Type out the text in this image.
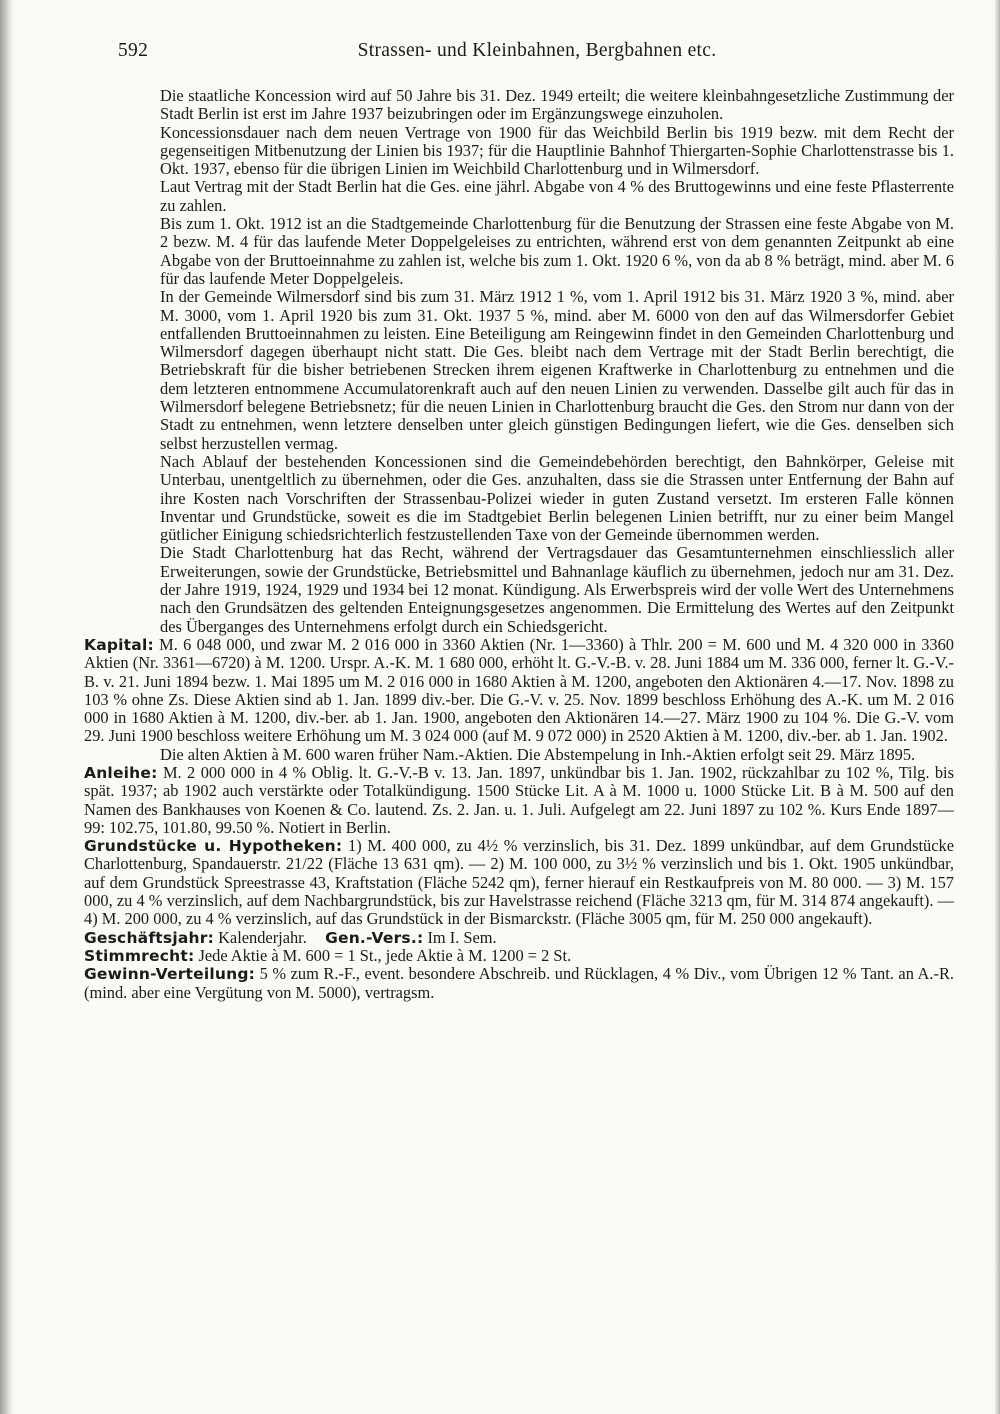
592	Strassen- und Kleinbahnen, Bergbahnen etc.

Die staatliche Koncession wird auf 50 Jahre bis 31. Dez. 1949 erteilt; die weitere kleinbahngesetzliche Zustimmung der Stadt Berlin ist erst im Jahre 1937 beizubringen oder im Ergänzungswege einzuholen.

Koncessionsdauer nach dem neuen Vertrage von 1900 für das Weichbild Berlin bis 1919 bezw. mit dem Recht der gegenseitigen Mitbenutzung der Linien bis 1937; für die Hauptlinie Bahnhof Thiergarten-Sophie Charlottenstrasse bis 1. Okt. 1937, ebenso für die übrigen Linien im Weichbild Charlottenburg und in Wilmersdorf.

Laut Vertrag mit der Stadt Berlin hat die Ges. eine jährl. Abgabe von 4 % des Bruttogewinns und eine feste Pflasterrente zu zahlen.

Bis zum 1. Okt. 1912 ist an die Stadtgemeinde Charlottenburg für die Benutzung der Strassen eine feste Abgabe von M. 2 bezw. M. 4 für das laufende Meter Doppelgeleises zu entrichten, während erst von dem genannten Zeitpunkt ab eine Abgabe von der Bruttoeinnahme zu zahlen ist, welche bis zum 1. Okt. 1920 6 %, von da ab 8 % beträgt, mind. aber M. 6 für das laufende Meter Doppelgeleis.

In der Gemeinde Wilmersdorf sind bis zum 31. März 1912 1 %, vom 1. April 1912 bis 31. März 1920 3 %, mind. aber M. 3000, vom 1. April 1920 bis zum 31. Okt. 1937 5 %, mind. aber M. 6000 von den auf das Wilmersdorfer Gebiet entfallenden Bruttoeinnahmen zu leisten. Eine Beteiligung am Reingewinn findet in den Gemeinden Charlottenburg und Wilmersdorf dagegen überhaupt nicht statt. Die Ges. bleibt nach dem Vertrage mit der Stadt Berlin berechtigt, die Betriebskraft für die bisher betriebenen Strecken ihrem eigenen Kraftwerke in Charlottenburg zu entnehmen und die dem letzteren entnommene Accumulatorenkraft auch auf den neuen Linien zu verwenden. Dasselbe gilt auch für das in Wilmersdorf belegene Betriebsnetz; für die neuen Linien in Charlottenburg braucht die Ges. den Strom nur dann von der Stadt zu entnehmen, wenn letztere denselben unter gleich günstigen Bedingungen liefert, wie die Ges. denselben sich selbst herzustellen vermag.

Nach Ablauf der bestehenden Koncessionen sind die Gemeindebehörden berechtigt, den Bahnkörper, Geleise mit Unterbau, unentgeltlich zu übernehmen, oder die Ges. anzuhalten, dass sie die Strassen unter Entfernung der Bahn auf ihre Kosten nach Vorschriften der Strassenbau-Polizei wieder in guten Zustand versetzt. Im ersteren Falle können Inventar und Grundstücke, soweit es die im Stadtgebiet Berlin belegenen Linien betrifft, nur zu einer beim Mangel gütlicher Einigung schiedsrichterlich festzustellenden Taxe von der Gemeinde übernommen werden.

Die Stadt Charlottenburg hat das Recht, während der Vertragsdauer das Gesamtunternehmen einschliesslich aller Erweiterungen, sowie der Grundstücke, Betriebsmittel und Bahnanlage käuflich zu übernehmen, jedoch nur am 31. Dez. der Jahre 1919, 1924, 1929 und 1934 bei 12 monat. Kündigung. Als Erwerbspreis wird der volle Wert des Unternehmens nach den Grundsätzen des geltenden Enteignungsgesetzes angenommen. Die Ermittelung des Wertes auf den Zeitpunkt des Überganges des Unternehmens erfolgt durch ein Schiedsgericht.

Kapital: M. 6 048 000, und zwar M. 2 016 000 in 3360 Aktien (Nr. 1—3360) à Thlr. 200 = M. 600 und M. 4 320 000 in 3360 Aktien (Nr. 3361—6720) à M. 1200. Urspr. A.-K. M. 1 680 000, erhöht lt. G.-V.-B. v. 28. Juni 1884 um M. 336 000, ferner lt. G.-V.-B. v. 21. Juni 1894 bezw. 1. Mai 1895 um M. 2 016 000 in 1680 Aktien à M. 1200, angeboten den Aktionären 4.—17. Nov. 1898 zu 103 % ohne Zs. Diese Aktien sind ab 1. Jan. 1899 div.-ber. Die G.-V. v. 25. Nov. 1899 beschloss Erhöhung des A.-K. um M. 2 016 000 in 1680 Aktien à M. 1200, div.-ber. ab 1. Jan. 1900, angeboten den Aktionären 14.—27. März 1900 zu 104 %. Die G.-V. vom 29. Juni 1900 beschloss weitere Erhöhung um M. 3 024 000 (auf M. 9 072 000) in 2520 Aktien à M. 1200, div.-ber. ab 1. Jan. 1902.

Die alten Aktien à M. 600 waren früher Nam.-Aktien. Die Abstempelung in Inh.-Aktien erfolgt seit 29. März 1895.

Anleihe: M. 2 000 000 in 4 % Oblig. lt. G.-V.-B v. 13. Jan. 1897, unkündbar bis 1. Jan. 1902, rückzahlbar zu 102 %, Tilg. bis spät. 1937; ab 1902 auch verstärkte oder Totalkündigung. 1500 Stücke Lit. A à M. 1000 u. 1000 Stücke Lit. B à M. 500 auf den Namen des Bankhauses von Koenen & Co. lautend. Zs. 2. Jan. u. 1. Juli. Aufgelegt am 22. Juni 1897 zu 102 %. Kurs Ende 1897—99: 102.75, 101.80, 99.50 %. Notiert in Berlin.

Grundstücke u. Hypotheken: 1) M. 400 000, zu 4½ % verzinslich, bis 31. Dez. 1899 unkündbar, auf dem Grundstücke Charlottenburg, Spandauerstr. 21/22 (Fläche 13 631 qm). — 2) M. 100 000, zu 3½ % verzinslich und bis 1. Okt. 1905 unkündbar, auf dem Grundstück Spreestrasse 43, Kraftstation (Fläche 5242 qm), ferner hierauf ein Restkaufpreis von M. 80 000. — 3) M. 157 000, zu 4 % verzinslich, auf dem Nachbargrundstück, bis zur Havelstrasse reichend (Fläche 3213 qm, für M. 314 874 angekauft). — 4) M. 200 000, zu 4 % verzinslich, auf das Grundstück in der Bismarckstr. (Fläche 3005 qm, für M. 250 000 angekauft).

Geschäftsjahr: Kalenderjahr. Gen.-Vers.: Im I. Sem.

Stimmrecht: Jede Aktie à M. 600 = 1 St., jede Aktie à M. 1200 = 2 St.

Gewinn-Verteilung: 5 % zum R.-F., event. besondere Abschreib. und Rücklagen, 4 % Div., vom Übrigen 12 % Tant. an A.-R. (mind. aber eine Vergütung von M. 5000), vertragsm.
